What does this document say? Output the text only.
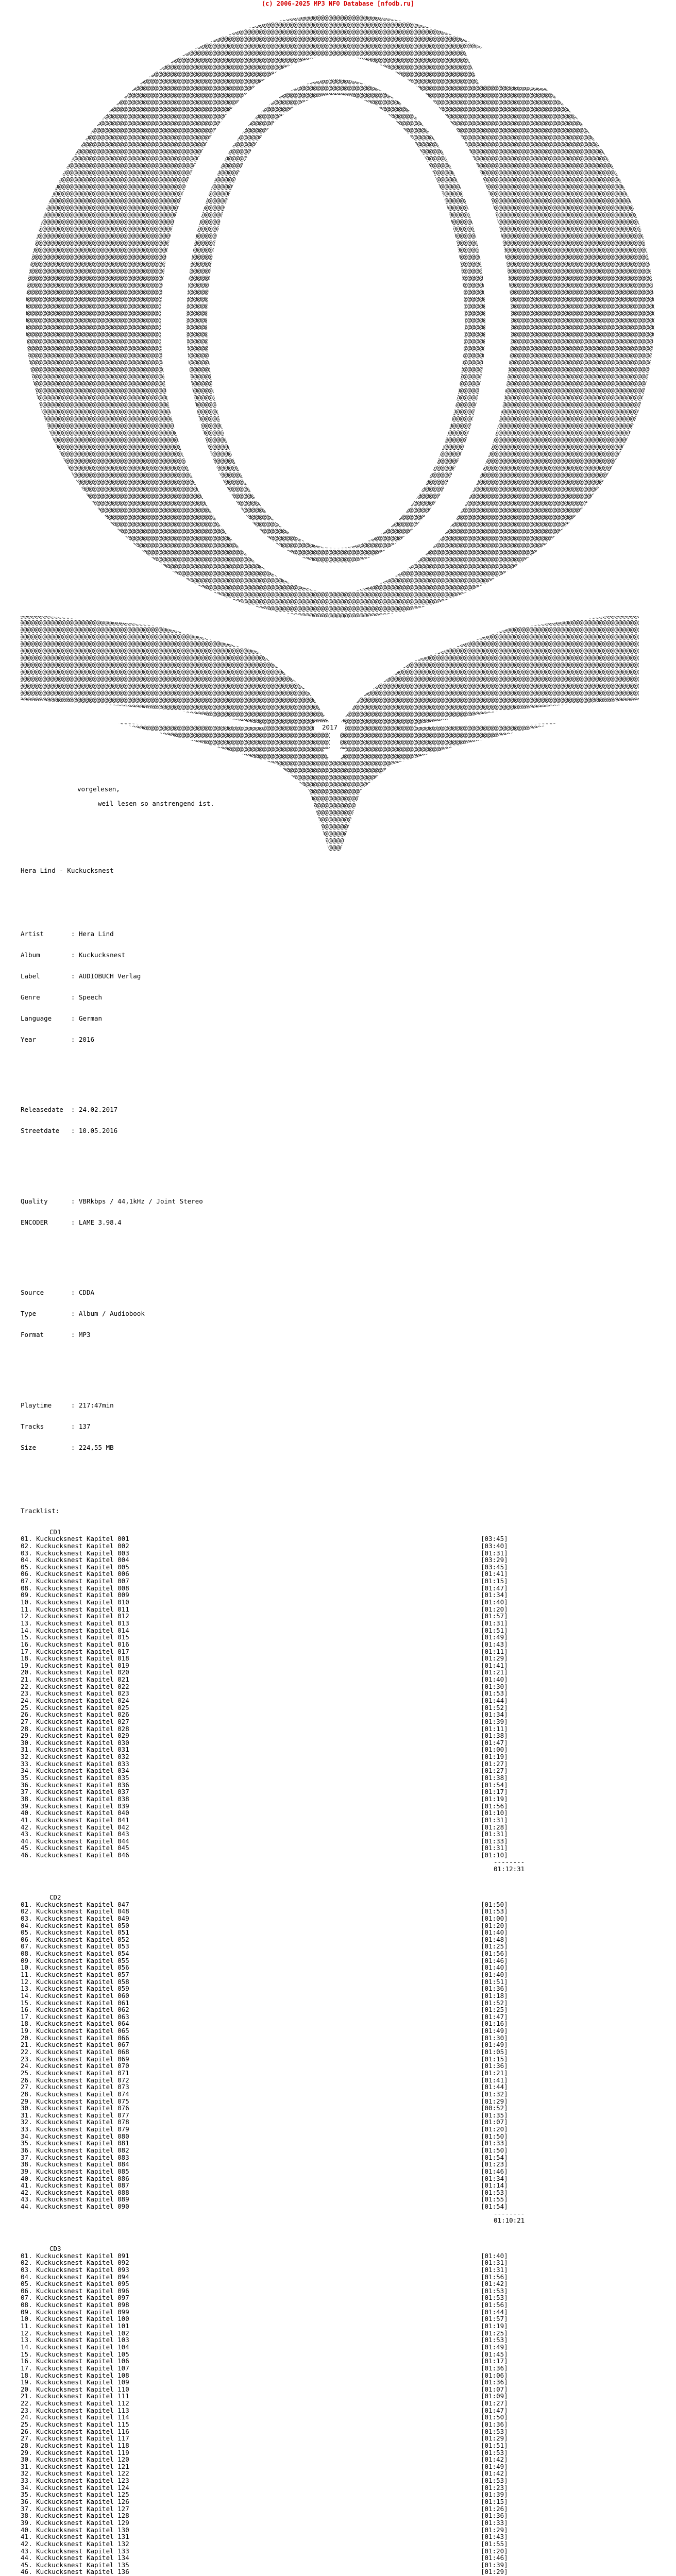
(c) 2006-2025 MP3 NFO Database [nfodb.ru]
2017
vorgelesen,
weil lesen so anstrengend ist.

Hera Lind - Kuckucksnest

Artist       : Hera Lind

Album        : Kuckucksnest

Label        : AUDIOBUCH Verlag

Genre        : Speech

Language     : German

Year         : 2016

Releasedate  : 24.02.2017

Streetdate   : 10.05.2016

Quality      : VBRkbps / 44,1kHz / Joint Stereo

ENCODER      : LAME 3.98.4

Source       : CDDA

Type         : Album / Audiobook

Format       : MP3

Playtime     : 217:47min

Tracks       : 137

Size         : 224,55 MB

Tracklist:

CD1
01. Kuckucksnest Kapitel 001	[03:45]
02. Kuckucksnest Kapitel 002	[03:40]
03. Kuckucksnest Kapitel 003	[01:31]
04. Kuckucksnest Kapitel 004	[03:29]
05. Kuckucksnest Kapitel 005	[03:45]
06. Kuckucksnest Kapitel 006	[01:41]
07. Kuckucksnest Kapitel 007	[01:15]
08. Kuckucksnest Kapitel 008	[01:47]
09. Kuckucksnest Kapitel 009	[01:34]
10. Kuckucksnest Kapitel 010	[01:40]
11. Kuckucksnest Kapitel 011	[01:20]
12. Kuckucksnest Kapitel 012	[01:57]
13. Kuckucksnest Kapitel 013	[01:31]
14. Kuckucksnest Kapitel 014	[01:51]
15. Kuckucksnest Kapitel 015	[01:49]
16. Kuckucksnest Kapitel 016	[01:43]
17. Kuckucksnest Kapitel 017	[01:11]
18. Kuckucksnest Kapitel 018	[01:29]
19. Kuckucksnest Kapitel 019	[01:41]
20. Kuckucksnest Kapitel 020	[01:21]
21. Kuckucksnest Kapitel 021	[01:40]
22. Kuckucksnest Kapitel 022	[01:30]
23. Kuckucksnest Kapitel 023	[01:53]
24. Kuckucksnest Kapitel 024	[01:44]
25. Kuckucksnest Kapitel 025	[01:52]
26. Kuckucksnest Kapitel 026	[01:34]
27. Kuckucksnest Kapitel 027	[01:39]
28. Kuckucksnest Kapitel 028	[01:11]
29. Kuckucksnest Kapitel 029	[01:38]
30. Kuckucksnest Kapitel 030	[01:47]
31. Kuckucksnest Kapitel 031	[01:00]
32. Kuckucksnest Kapitel 032	[01:19]
33. Kuckucksnest Kapitel 033	[01:27]
34. Kuckucksnest Kapitel 034	[01:27]
35. Kuckucksnest Kapitel 035	[01:38]
36. Kuckucksnest Kapitel 036	[01:54]
37. Kuckucksnest Kapitel 037	[01:17]
38. Kuckucksnest Kapitel 038	[01:19]
39. Kuckucksnest Kapitel 039	[01:56]
40. Kuckucksnest Kapitel 040	[01:10]
41. Kuckucksnest Kapitel 041	[01:31]
42. Kuckucksnest Kapitel 042	[01:28]
43. Kuckucksnest Kapitel 043	[01:31]
44. Kuckucksnest Kapitel 044	[01:33]
45. Kuckucksnest Kapitel 045	[01:31]
46. Kuckucksnest Kapitel 046	[01:10]
--------
01:12:31
CD2
01. Kuckucksnest Kapitel 047	[01:50]
02. Kuckucksnest Kapitel 048	[01:53]
03. Kuckucksnest Kapitel 049	[01:00]
04. Kuckucksnest Kapitel 050	[01:20]
05. Kuckucksnest Kapitel 051	[01:40]
06. Kuckucksnest Kapitel 052	[01:48]
07. Kuckucksnest Kapitel 053	[01:25]
08. Kuckucksnest Kapitel 054	[01:56]
09. Kuckucksnest Kapitel 055	[01:46]
10. Kuckucksnest Kapitel 056	[01:40]
11. Kuckucksnest Kapitel 057	[01:40]
12. Kuckucksnest Kapitel 058	[01:51]
13. Kuckucksnest Kapitel 059	[01:36]
14. Kuckucksnest Kapitel 060	[01:18]
15. Kuckucksnest Kapitel 061	[01:52]
16. Kuckucksnest Kapitel 062	[01:25]
17. Kuckucksnest Kapitel 063	[01:47]
18. Kuckucksnest Kapitel 064	[01:16]
19. Kuckucksnest Kapitel 065	[01:49]
20. Kuckucksnest Kapitel 066	[01:30]
21. Kuckucksnest Kapitel 067	[01:49]
22. Kuckucksnest Kapitel 068	[01:05]
23. Kuckucksnest Kapitel 069	[01:15]
24. Kuckucksnest Kapitel 070	[01:36]
25. Kuckucksnest Kapitel 071	[01:21]
26. Kuckucksnest Kapitel 072	[01:41]
27. Kuckucksnest Kapitel 073	[01:44]
28. Kuckucksnest Kapitel 074	[01:32]
29. Kuckucksnest Kapitel 075	[01:29]
30. Kuckucksnest Kapitel 076	[00:52]
31. Kuckucksnest Kapitel 077	[01:35]
32. Kuckucksnest Kapitel 078	[01:07]
33. Kuckucksnest Kapitel 079	[01:20]
34. Kuckucksnest Kapitel 080	[01:50]
35. Kuckucksnest Kapitel 081	[01:33]
36. Kuckucksnest Kapitel 082	[01:50]
37. Kuckucksnest Kapitel 083	[01:54]
38. Kuckucksnest Kapitel 084	[01:23]
39. Kuckucksnest Kapitel 085	[01:46]
40. Kuckucksnest Kapitel 086	[01:34]
41. Kuckucksnest Kapitel 087	[01:14]
42. Kuckucksnest Kapitel 088	[01:53]
43. Kuckucksnest Kapitel 089	[01:55]
44. Kuckucksnest Kapitel 090	[01:54]
--------
01:10:21
CD3
01. Kuckucksnest Kapitel 091	[01:40]
02. Kuckucksnest Kapitel 092	[01:31]
03. Kuckucksnest Kapitel 093	[01:31]
04. Kuckucksnest Kapitel 094	[01:56]
05. Kuckucksnest Kapitel 095	[01:42]
06. Kuckucksnest Kapitel 096	[01:53]
07. Kuckucksnest Kapitel 097	[01:53]
08. Kuckucksnest Kapitel 098	[01:56]
09. Kuckucksnest Kapitel 099	[01:44]
10. Kuckucksnest Kapitel 100	[01:57]
11. Kuckucksnest Kapitel 101	[01:19]
12. Kuckucksnest Kapitel 102	[01:25]
13. Kuckucksnest Kapitel 103	[01:53]
14. Kuckucksnest Kapitel 104	[01:49]
15. Kuckucksnest Kapitel 105	[01:45]
16. Kuckucksnest Kapitel 106	[01:17]
17. Kuckucksnest Kapitel 107	[01:36]
18. Kuckucksnest Kapitel 108	[01:06]
19. Kuckucksnest Kapitel 109	[01:36]
20. Kuckucksnest Kapitel 110	[01:07]
21. Kuckucksnest Kapitel 111	[01:09]
22. Kuckucksnest Kapitel 112	[01:27]
23. Kuckucksnest Kapitel 113	[01:47]
24. Kuckucksnest Kapitel 114	[01:50]
25. Kuckucksnest Kapitel 115	[01:36]
26. Kuckucksnest Kapitel 116	[01:53]
27. Kuckucksnest Kapitel 117	[01:29]
28. Kuckucksnest Kapitel 118	[01:51]
29. Kuckucksnest Kapitel 119	[01:53]
30. Kuckucksnest Kapitel 120	[01:42]
31. Kuckucksnest Kapitel 121	[01:49]
32. Kuckucksnest Kapitel 122	[01:42]
33. Kuckucksnest Kapitel 123	[01:53]
34. Kuckucksnest Kapitel 124	[01:23]
35. Kuckucksnest Kapitel 125	[01:39]
36. Kuckucksnest Kapitel 126	[01:15]
37. Kuckucksnest Kapitel 127	[01:26]
38. Kuckucksnest Kapitel 128	[01:36]
39. Kuckucksnest Kapitel 129	[01:33]
40. Kuckucksnest Kapitel 130	[01:29]
41. Kuckucksnest Kapitel 131	[01:43]
42. Kuckucksnest Kapitel 132	[01:55]
43. Kuckucksnest Kapitel 133	[01:20]
44. Kuckucksnest Kapitel 134	[01:46]
45. Kuckucksnest Kapitel 135	[01:39]
46. Kuckucksnest Kapitel 136	[01:29]
